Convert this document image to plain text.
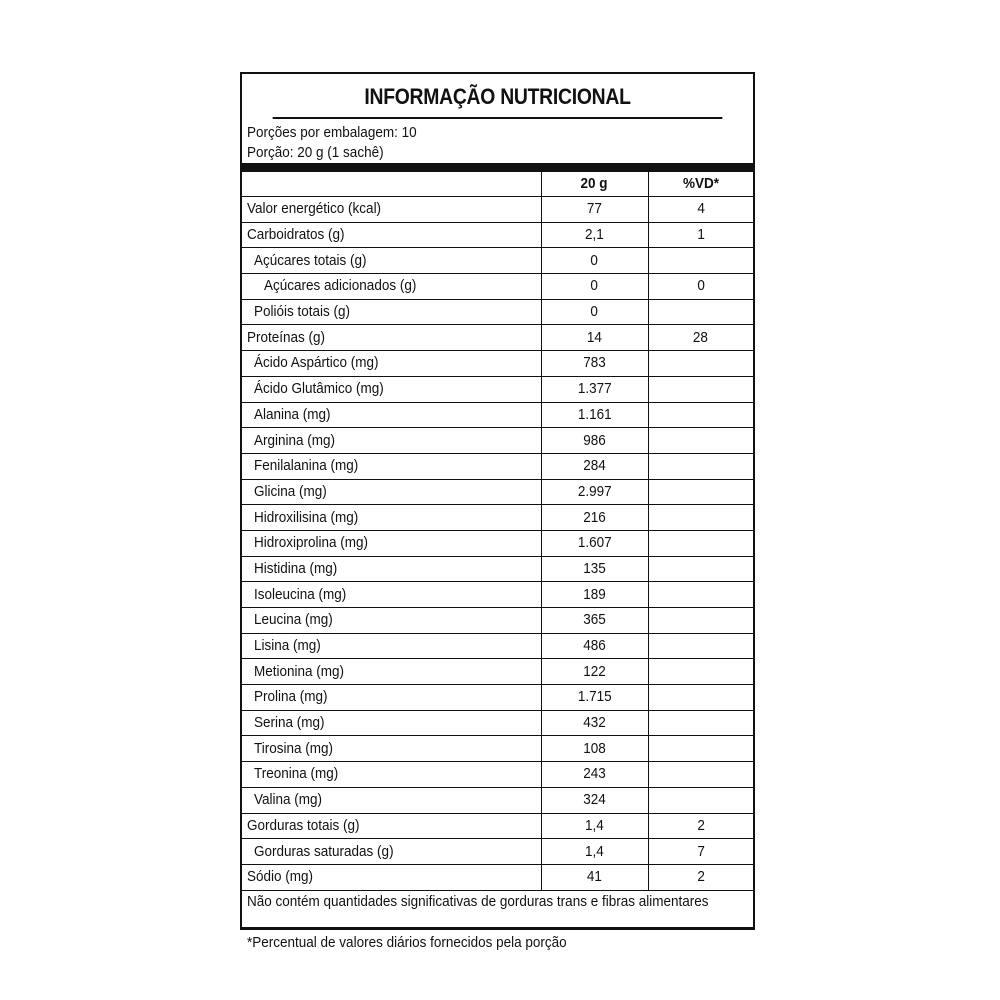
INFORMAÇÃO NUTRICIONAL
Porções por embalagem: 10
Porção: 20 g (1 sachê)
	20 g	%VD*
Valor energético (kcal)	77	4
Carboidratos (g)	2,1	1
Açúcares totais (g)	0	
Açúcares adicionados (g)	0	0
Polióis totais (g)	0	
Proteínas (g)	14	28
Ácido Aspártico (mg)	783	
Ácido Glutâmico (mg)	1.377	
Alanina (mg)	1.161	
Arginina (mg)	986	
Fenilalanina (mg)	284	
Glicina (mg)	2.997	
Hidroxilisina (mg)	216	
Hidroxiprolina (mg)	1.607	
Histidina (mg)	135	
Isoleucina (mg)	189	
Leucina (mg)	365	
Lisina (mg)	486	
Metionina (mg)	122	
Prolina (mg)	1.715	
Serina (mg)	432	
Tirosina (mg)	108	
Treonina (mg)	243	
Valina (mg)	324	
Gorduras totais (g)	1,4	2
Gorduras saturadas (g)	1,4	7
Sódio (mg)	41	2
Não contém quantidades significativas de gorduras trans e fibras alimentares
*Percentual de valores diários fornecidos pela porção
